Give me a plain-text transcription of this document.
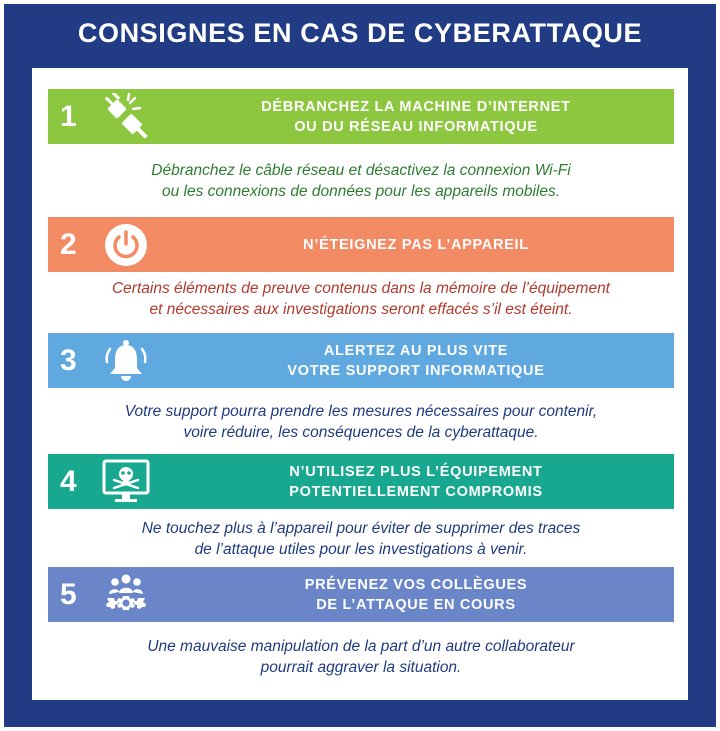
CONSIGNES EN CAS DE CYBERATTAQUE
1	DÉBRANCHEZ LA MACHINE D’INTERNET
OU DU RÉSEAU INFORMATIQUE
Débranchez le câble réseau et désactivez la connexion Wi-Fi
ou les connexions de données pour les appareils mobiles.
2	N’ÉTEIGNEZ PAS L’APPAREIL
Certains éléments de preuve contenus dans la mémoire de l’équipement
et nécessaires aux investigations seront effacés s’il est éteint.
3	ALERTEZ AU PLUS VITE
VOTRE SUPPORT INFORMATIQUE
Votre support pourra prendre les mesures nécessaires pour contenir,
voire réduire, les conséquences de la cyberattaque.
4	N’UTILISEZ PLUS L’ÉQUIPEMENT
POTENTIELLEMENT COMPROMIS
Ne touchez plus à l’appareil pour éviter de supprimer des traces
de l’attaque utiles pour les investigations à venir.
5	PRÉVENEZ VOS COLLÈGUES
DE L’ATTAQUE EN COURS
Une mauvaise manipulation de la part d’un autre collaborateur
pourrait aggraver la situation.
